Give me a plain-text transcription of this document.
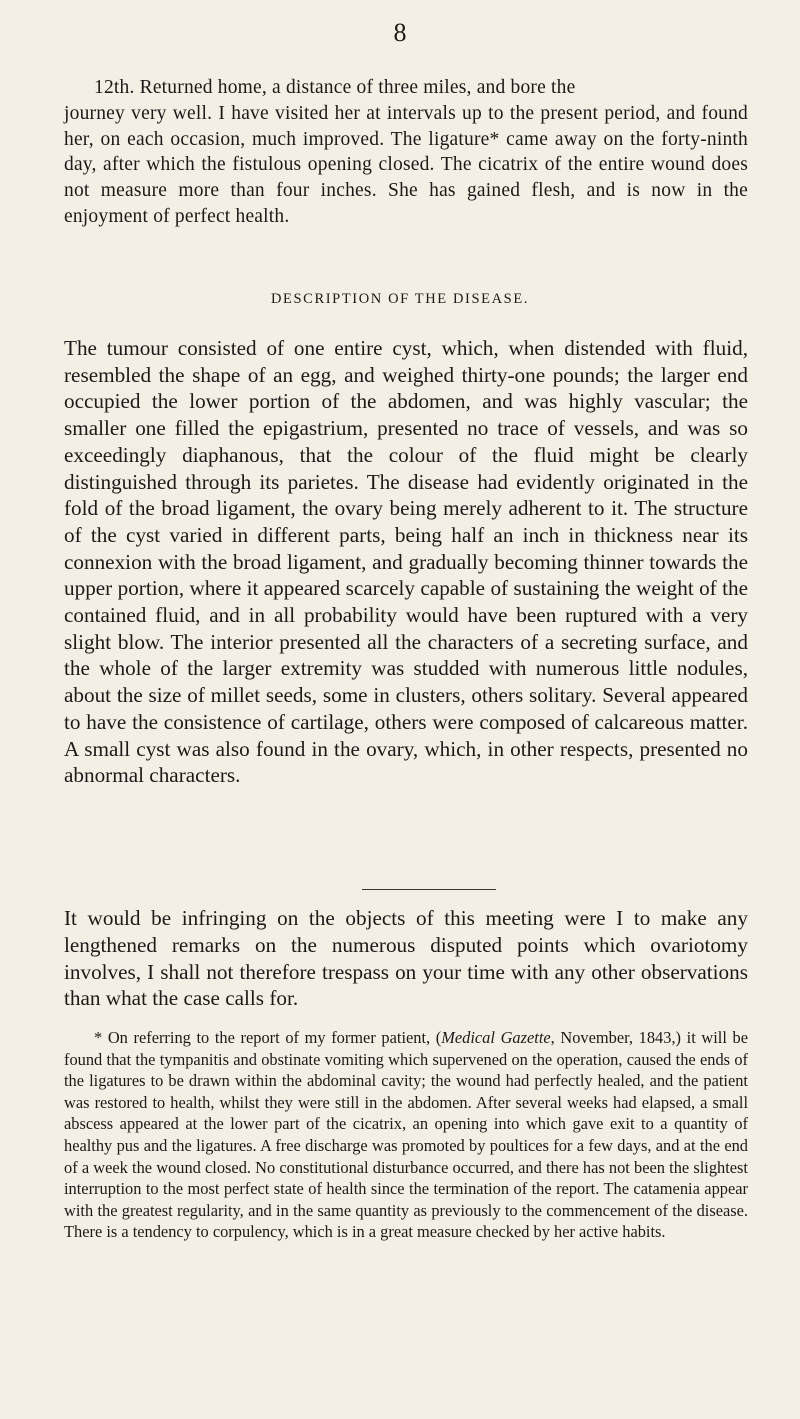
8

12th. Returned home, a distance of three miles, and bore the
journey very well. I have visited her at intervals up to the present period, and found her, on each occasion, much improved. The ligature* came away on the forty-ninth day, after which the fistulous opening closed. The cicatrix of the entire wound does not measure more than four inches. She has gained flesh, and is now in the enjoyment of perfect health.

DESCRIPTION OF THE DISEASE.

The tumour consisted of one entire cyst, which, when distended with fluid, resembled the shape of an egg, and weighed thirty-one pounds; the larger end occupied the lower portion of the abdomen, and was highly vascular; the smaller one filled the epigastrium, presented no trace of vessels, and was so exceedingly diaphanous, that the colour of the fluid might be clearly distinguished through its parietes. The disease had evidently originated in the fold of the broad ligament, the ovary being merely adherent to it. The structure of the cyst varied in different parts, being half an inch in thickness near its connexion with the broad ligament, and gradually becoming thinner towards the upper portion, where it appeared scarcely capable of sustaining the weight of the contained fluid, and in all probability would have been ruptured with a very slight blow. The interior presented all the characters of a secreting surface, and the whole of the larger extremity was studded with numerous little nodules, about the size of millet seeds, some in clusters, others solitary. Several appeared to have the consistence of cartilage, others were composed of calcareous matter. A small cyst was also found in the ovary, which, in other respects, presented no abnormal characters.

It would be infringing on the objects of this meeting were I to make any lengthened remarks on the numerous disputed points which ovariotomy involves, I shall not therefore trespass on your time with any other observations than what the case calls for.

* On referring to the report of my former patient, (Medical Gazette, November, 1843,) it will be found that the tympanitis and obstinate vomiting which supervened on the operation, caused the ends of the ligatures to be drawn within the abdominal cavity; the wound had perfectly healed, and the patient was restored to health, whilst they were still in the abdomen. After several weeks had elapsed, a small abscess appeared at the lower part of the cicatrix, an opening into which gave exit to a quantity of healthy pus and the ligatures. A free discharge was promoted by poultices for a few days, and at the end of a week the wound closed. No constitutional disturbance occurred, and there has not been the slightest interruption to the most perfect state of health since the termination of the report. The catamenia appear with the greatest regularity, and in the same quantity as previously to the commencement of the disease. There is a tendency to corpulency, which is in a great measure checked by her active habits.
